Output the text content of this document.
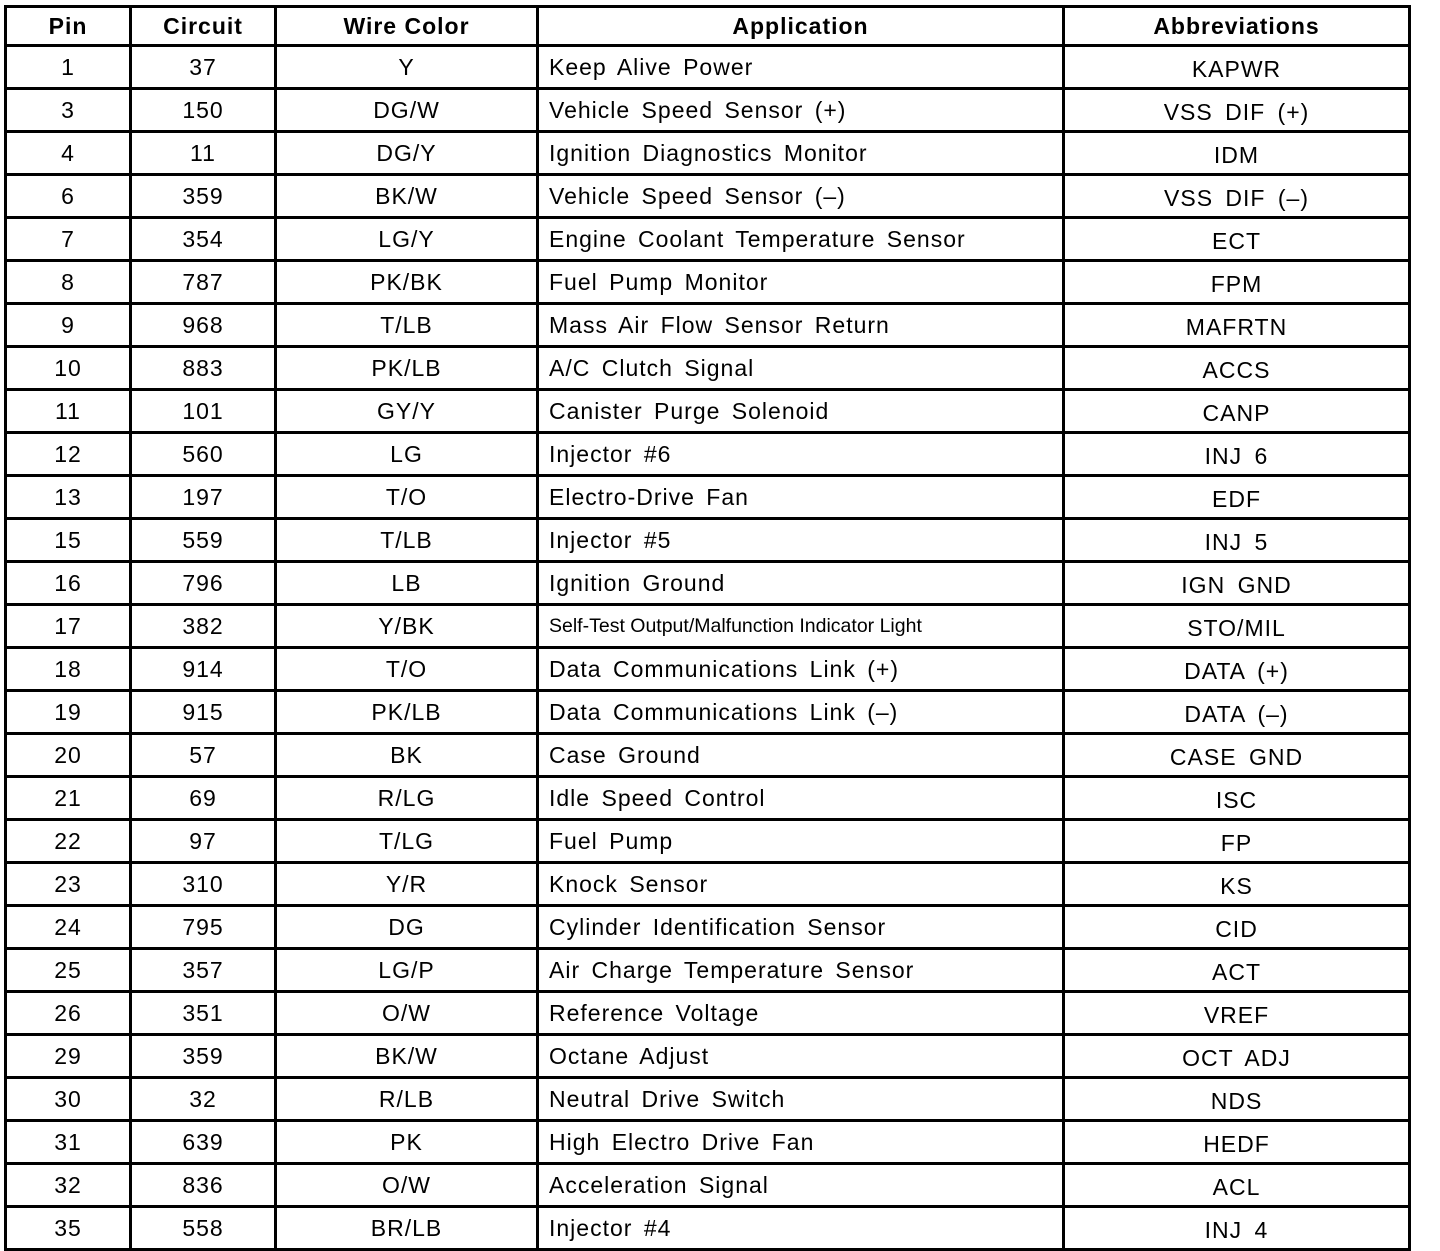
Pin	Circuit	Wire Color	Application	Abbreviations
1	37	Y	Keep Alive Power	KAPWR
3	150	DG/W	Vehicle Speed Sensor (+)	VSS DIF (+)
4	11	DG/Y	Ignition Diagnostics Monitor	IDM
6	359	BK/W	Vehicle Speed Sensor (–)	VSS DIF (–)
7	354	LG/Y	Engine Coolant Temperature Sensor	ECT
8	787	PK/BK	Fuel Pump Monitor	FPM
9	968	T/LB	Mass Air Flow Sensor Return	MAFRTN
10	883	PK/LB	A/C Clutch Signal	ACCS
11	101	GY/Y	Canister Purge Solenoid	CANP
12	560	LG	Injector #6	INJ 6
13	197	T/O	Electro-Drive Fan	EDF
15	559	T/LB	Injector #5	INJ 5
16	796	LB	Ignition Ground	IGN GND
17	382	Y/BK	Self-Test Output/Malfunction Indicator Light	STO/MIL
18	914	T/O	Data Communications Link (+)	DATA (+)
19	915	PK/LB	Data Communications Link (–)	DATA (–)
20	57	BK	Case Ground	CASE GND
21	69	R/LG	Idle Speed Control	ISC
22	97	T/LG	Fuel Pump	FP
23	310	Y/R	Knock Sensor	KS
24	795	DG	Cylinder Identification Sensor	CID
25	357	LG/P	Air Charge Temperature Sensor	ACT
26	351	O/W	Reference Voltage	VREF
29	359	BK/W	Octane Adjust	OCT ADJ
30	32	R/LB	Neutral Drive Switch	NDS
31	639	PK	High Electro Drive Fan	HEDF
32	836	O/W	Acceleration Signal	ACL
35	558	BR/LB	Injector #4	INJ 4
